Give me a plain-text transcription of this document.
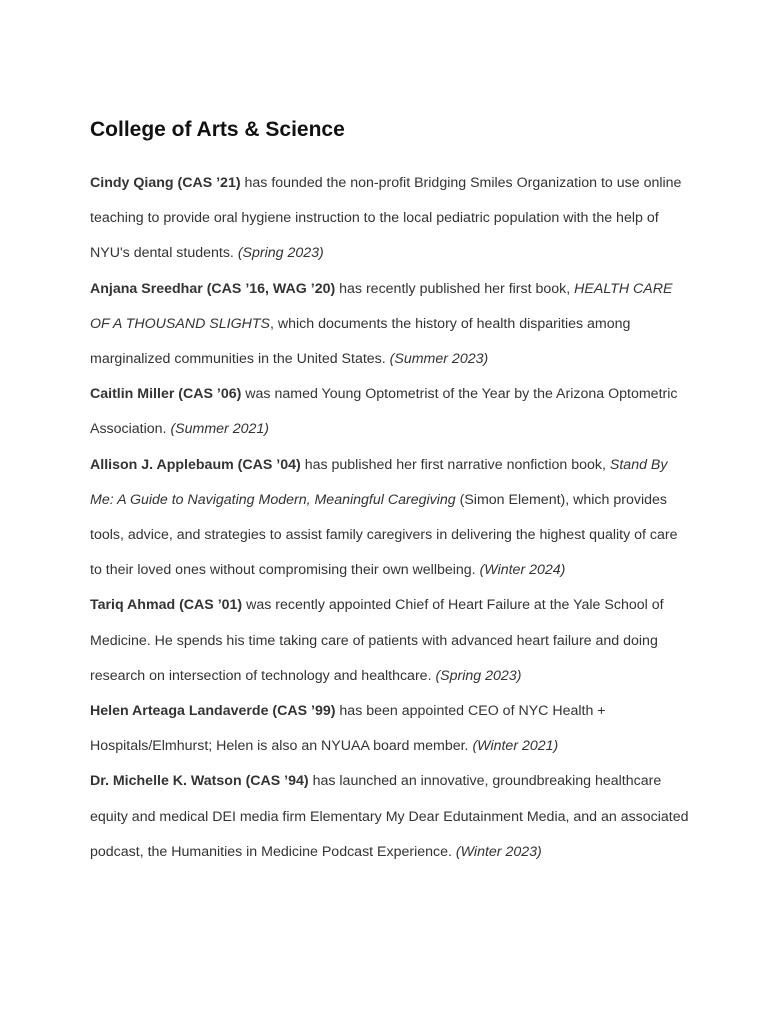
College of Arts & Science

Cindy Qiang (CAS ’21) has founded the non-profit Bridging Smiles Organization to use online teaching to provide oral hygiene instruction to the local pediatric population with the help of NYU's dental students. (Spring 2023)

Anjana Sreedhar (CAS ’16, WAG ’20) has recently published her first book, HEALTH CARE OF A THOUSAND SLIGHTS, which documents the history of health disparities among marginalized communities in the United States. (Summer 2023)

Caitlin Miller (CAS ’06) was named Young Optometrist of the Year by the Arizona Optometric Association. (Summer 2021)

Allison J. Applebaum (CAS ’04) has published her first narrative nonfiction book, Stand By Me: A Guide to Navigating Modern, Meaningful Caregiving (Simon Element), which provides tools, advice, and strategies to assist family caregivers in delivering the highest quality of care to their loved ones without compromising their own wellbeing. (Winter 2024)

Tariq Ahmad (CAS ’01) was recently appointed Chief of Heart Failure at the Yale School of Medicine. He spends his time taking care of patients with advanced heart failure and doing research on intersection of technology and healthcare. (Spring 2023)

Helen Arteaga Landaverde (CAS ’99) has been appointed CEO of NYC Health + Hospitals/Elmhurst; Helen is also an NYUAA board member. (Winter 2021)

Dr. Michelle K. Watson (CAS ’94) has launched an innovative, groundbreaking healthcare equity and medical DEI media firm Elementary My Dear Edutainment Media, and an associated podcast, the Humanities in Medicine Podcast Experience. (Winter 2023)
